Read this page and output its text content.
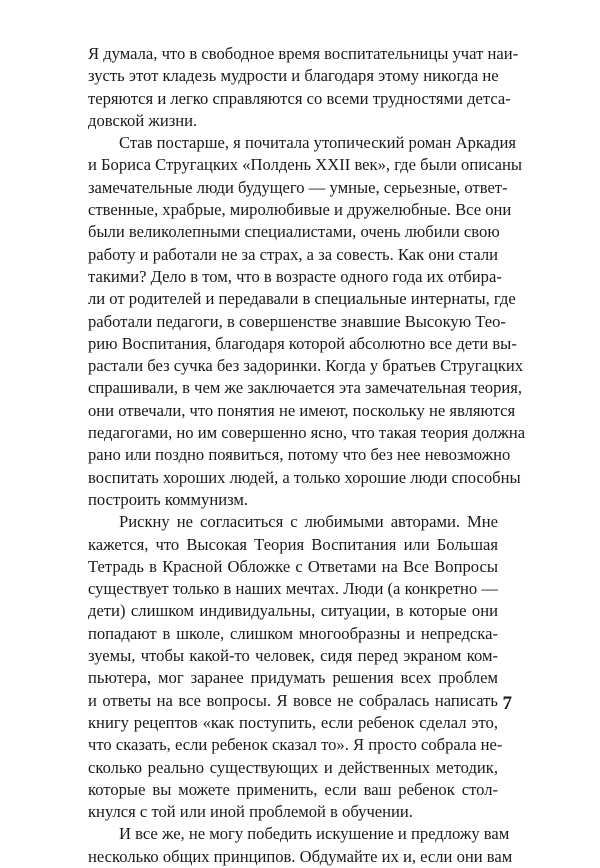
Я думала, что в свободное время воспитательницы учат наи-
зусть этот кладезь мудрости и благодаря этому никогда не
теряются и легко справляются со всеми трудностями детса-
довской жизни.

Став постарше, я почитала утопический роман Аркадия
и Бориса Стругацких «Полдень XXII век», где были описаны
замечательные люди будущего — умные, серьезные, ответ-
ственные, храбрые, миролюбивые и дружелюбные. Все они
были великолепными специалистами, очень любили свою
работу и работали не за страх, а за совесть. Как они стали
такими? Дело в том, что в возрасте одного года их отбира-
ли от родителей и передавали в специальные интернаты, где
работали педагоги, в совершенстве знавшие Высокую Тео-
рию Воспитания, благодаря которой абсолютно все дети вы-
растали без сучка без задоринки. Когда у братьев Стругацких
спрашивали, в чем же заключается эта замечательная теория,
они отвечали, что понятия не имеют, поскольку не являются
педагогами, но им совершенно ясно, что такая теория должна
рано или поздно появиться, потому что без нее невозможно
воспитать хороших людей, а только хорошие люди способны
построить коммунизм.

Рискну не согласиться с любимыми авторами. Мне
кажется, что Высокая Теория Воспитания или Большая
Тетрадь в Красной Обложке с Ответами на Все Вопросы
существует только в наших мечтах. Люди (а конкретно —
дети) слишком индивидуальны, ситуации, в которые они
попадают в школе, слишком многообразны и непредска-
зуемы, чтобы какой-то человек, сидя перед экраном ком-
пьютера, мог заранее придумать решения всех проблем
и ответы на все вопросы. Я вовсе не собралась написать
книгу рецептов «как поступить, если ребенок сделал это,
что сказать, если ребенок сказал то». Я просто собрала не-
сколько реально существующих и действенных методик,
которые вы можете применить, если ваш ребенок стол-
кнулся с той или иной проблемой в обучении.

И все же, не могу победить искушение и предложу вам
несколько общих принципов. Обдумайте их и, если они вам

7
